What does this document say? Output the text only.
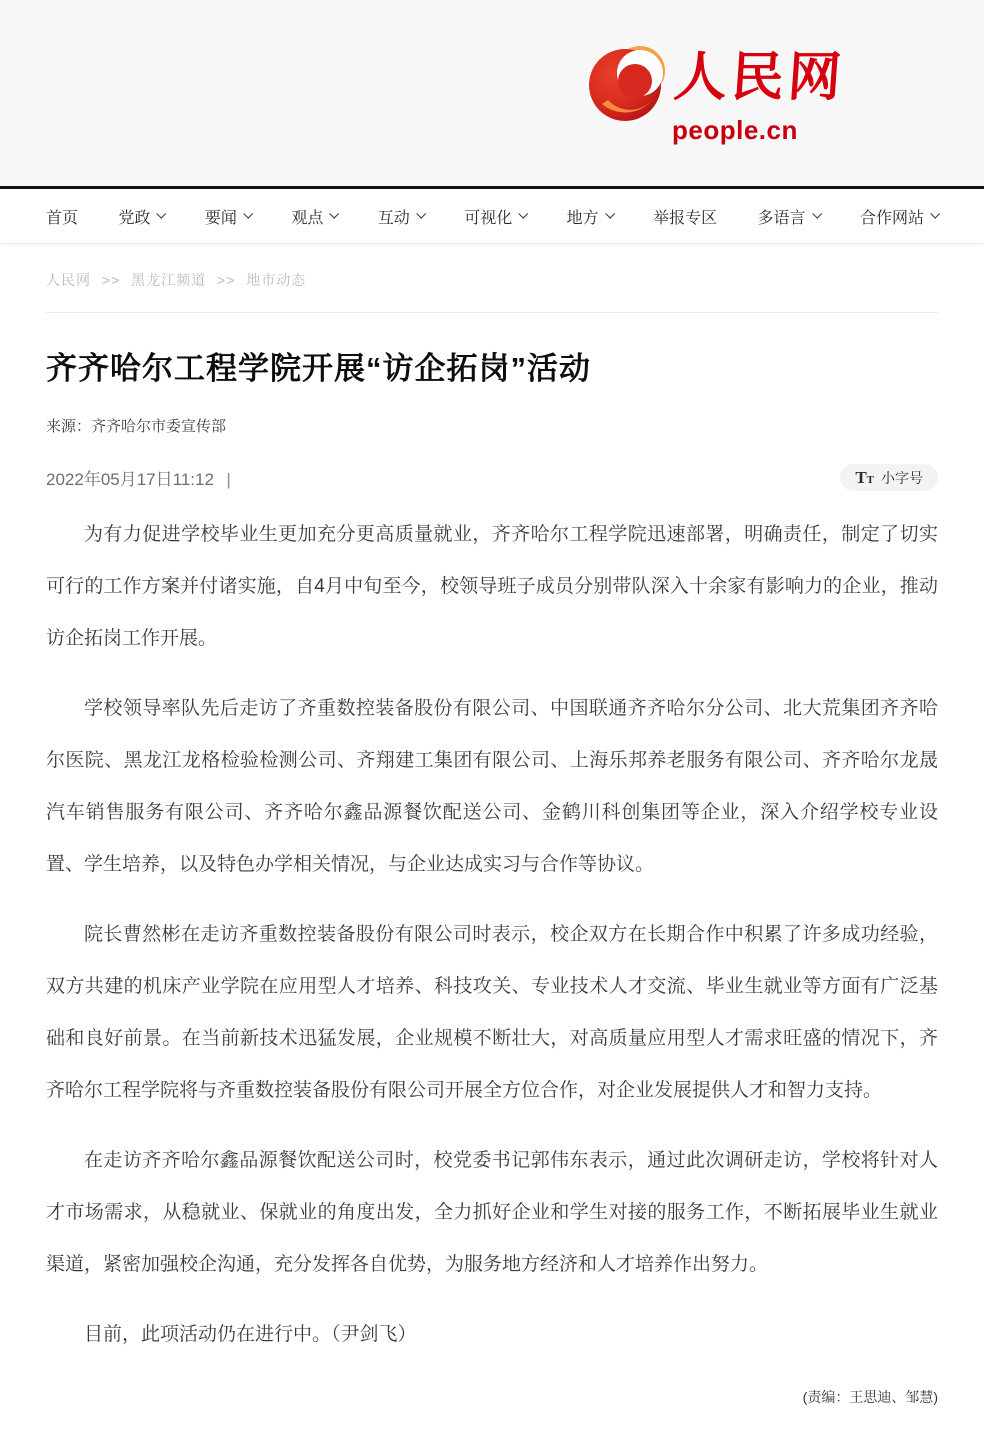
人民网
people.cn
首页	党政	要闻	观点	互动	可视化	地方	举报专区	多语言	合作网站
人民网 >> 黑龙江频道 >> 地市动态
齐齐哈尔工程学院开展“访企拓岗”活动
来源：齐齐哈尔市委宣传部
2022年05月17日11:12 |	T T 小字号

为有力促进学校毕业生更加充分更高质量就业，齐齐哈尔工程学院迅速部署，明确责任，制定了切实可行的工作方案并付诸实施，自4月中旬至今，校领导班子成员分别带队深入十余家有影响力的企业，推动访企拓岗工作开展。

学校领导率队先后走访了齐重数控装备股份有限公司、中国联通齐齐哈尔分公司、北大荒集团齐齐哈尔医院、黑龙江龙格检验检测公司、齐翔建工集团有限公司、上海乐邦养老服务有限公司、齐齐哈尔龙晟汽车销售服务有限公司、齐齐哈尔鑫品源餐饮配送公司、金鹤川科创集团等企业，深入介绍学校专业设置、学生培养，以及特色办学相关情况，与企业达成实习与合作等协议。

院长曹然彬在走访齐重数控装备股份有限公司时表示，校企双方在长期合作中积累了许多成功经验，双方共建的机床产业学院在应用型人才培养、科技攻关、专业技术人才交流、毕业生就业等方面有广泛基础和良好前景。在当前新技术迅猛发展，企业规模不断壮大，对高质量应用型人才需求旺盛的情况下，齐齐哈尔工程学院将与齐重数控装备股份有限公司开展全方位合作，对企业发展提供人才和智力支持。

在走访齐齐哈尔鑫品源餐饮配送公司时，校党委书记郭伟东表示，通过此次调研走访，学校将针对人才市场需求，从稳就业、保就业的角度出发，全力抓好企业和学生对接的服务工作，不断拓展毕业生就业渠道，紧密加强校企沟通，充分发挥各自优势，为服务地方经济和人才培养作出努力。

目前，此项活动仍在进行中。（尹剑飞）

(责编：王思迪、邹慧)
